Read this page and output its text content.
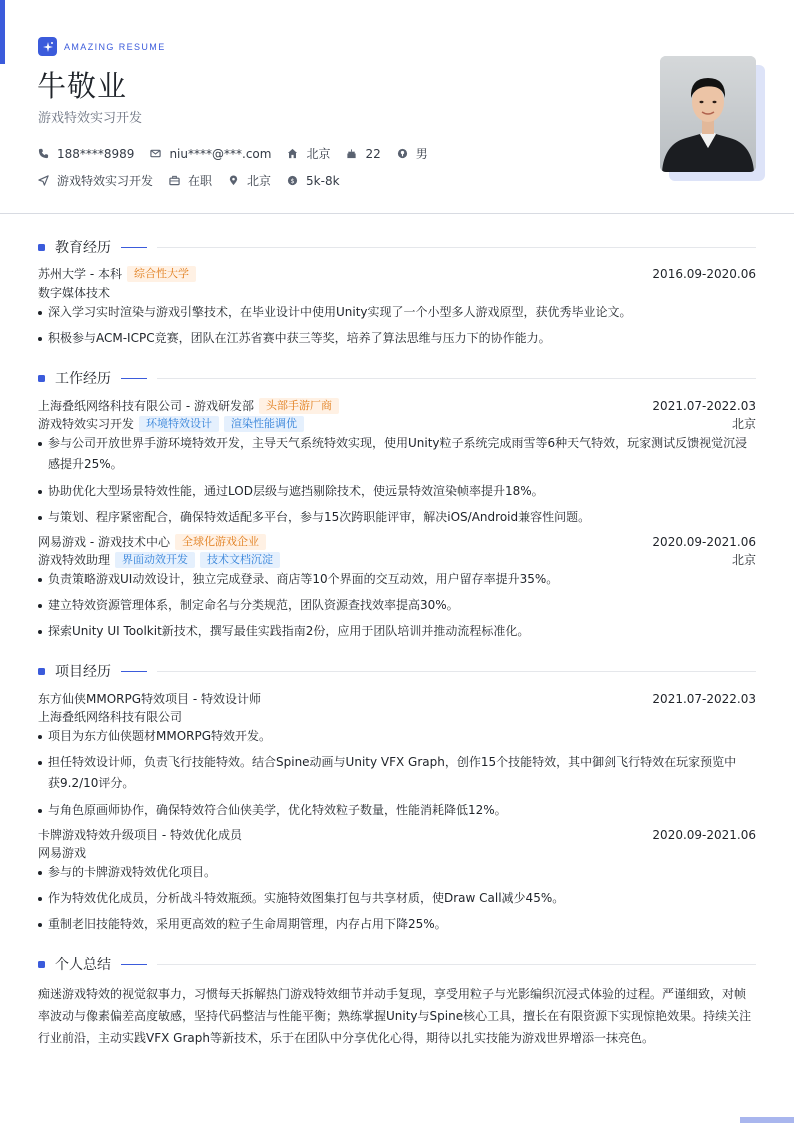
AMAZING RESUME
牛敬业
游戏特效实习开发
188****8989	niu****@***.com	北京	22	男
游戏特效实习开发	在职	北京	$ 5k-8k
教育经历
苏州大学 - 本科	综合性大学	2016.09-2020.06
数字媒体技术
深入学习实时渲染与游戏引擎技术，在毕业设计中使用Unity实现了一个小型多人游戏原型，获优秀毕业论文。
积极参与ACM-ICPC竞赛，团队在江苏省赛中获三等奖，培养了算法思维与压力下的协作能力。
工作经历
上海叠纸网络科技有限公司 - 游戏研发部	头部手游厂商	2021.07-2022.03
游戏特效实习开发	环境特效设计	渲染性能调优	北京
参与公司开放世界手游环境特效开发，主导天气系统特效实现，使用Unity粒子系统完成雨雪等6种天气特效，玩家测试反馈视觉沉浸感提升25%。
协助优化大型场景特效性能，通过LOD层级与遮挡剔除技术，使远景特效渲染帧率提升18%。
与策划、程序紧密配合，确保特效适配多平台，参与15次跨职能评审，解决iOS/Android兼容性问题。
网易游戏 - 游戏技术中心	全球化游戏企业	2020.09-2021.06
游戏特效助理	界面动效开发	技术文档沉淀	北京
负责策略游戏UI动效设计，独立完成登录、商店等10个界面的交互动效，用户留存率提升35%。
建立特效资源管理体系，制定命名与分类规范，团队资源查找效率提高30%。
探索Unity UI Toolkit新技术，撰写最佳实践指南2份，应用于团队培训并推动流程标准化。
项目经历
东方仙侠MMORPG特效项目 - 特效设计师	2021.07-2022.03
上海叠纸网络科技有限公司
项目为东方仙侠题材MMORPG特效开发。
担任特效设计师，负责飞行技能特效。结合Spine动画与Unity VFX Graph，创作15个技能特效，其中御剑飞行特效在玩家预览中获9.2/10评分。
与角色原画师协作，确保特效符合仙侠美学，优化特效粒子数量，性能消耗降低12%。
卡牌游戏特效升级项目 - 特效优化成员	2020.09-2021.06
网易游戏
参与的卡牌游戏特效优化项目。
作为特效优化成员，分析战斗特效瓶颈。实施特效图集打包与共享材质，使Draw Call减少45%。
重制老旧技能特效，采用更高效的粒子生命周期管理，内存占用下降25%。
个人总结
痴迷游戏特效的视觉叙事力，习惯每天拆解热门游戏特效细节并动手复现，享受用粒子与光影编织沉浸式体验的过程。严谨细致，对帧率波动与像素偏差高度敏感，坚持代码整洁与性能平衡；熟练掌握Unity与Spine核心工具，擅长在有限资源下实现惊艳效果。持续关注行业前沿，主动实践VFX Graph等新技术，乐于在团队中分享优化心得，期待以扎实技能为游戏世界增添一抹亮色。
